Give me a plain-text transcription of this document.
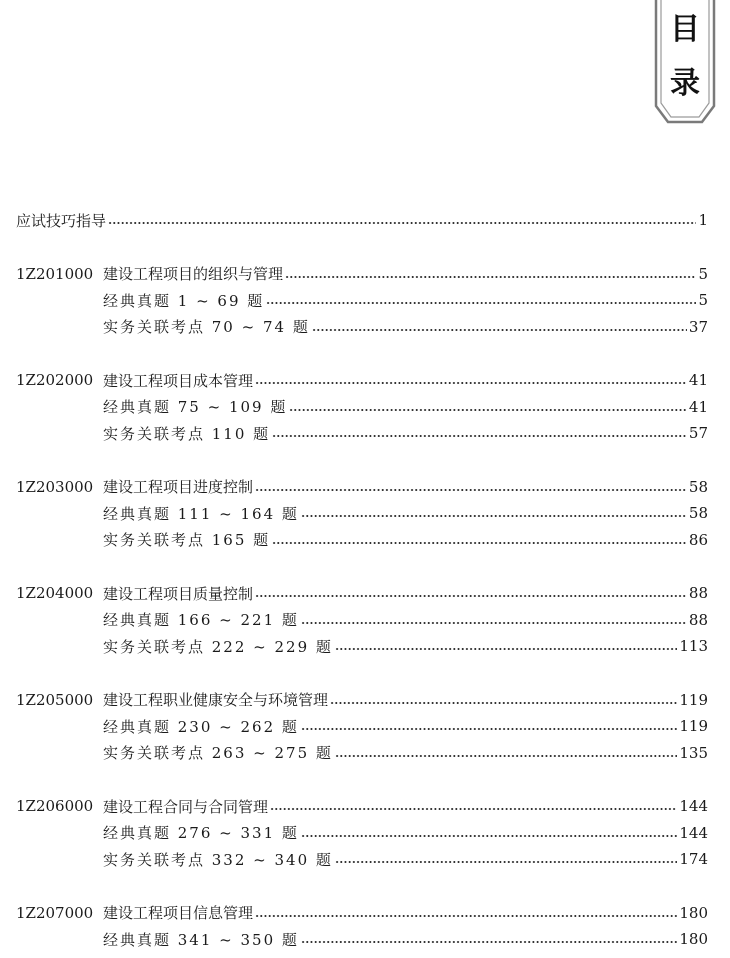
目
录
应试技巧指导	1
1Z201000 建设工程项目的组织与管理	5
经典真题 1 ~ 69 题	5
实务关联考点 70 ~ 74 题	37
1Z202000 建设工程项目成本管理	41
经典真题 75 ~ 109 题	41
实务关联考点 110 题	57
1Z203000 建设工程项目进度控制	58
经典真题 111 ~ 164 题	58
实务关联考点 165 题	86
1Z204000 建设工程项目质量控制	88
经典真题 166 ~ 221 题	88
实务关联考点 222 ~ 229 题	113
1Z205000 建设工程职业健康安全与环境管理	119
经典真题 230 ~ 262 题	119
实务关联考点 263 ~ 275 题	135
1Z206000 建设工程合同与合同管理	144
经典真题 276 ~ 331 题	144
实务关联考点 332 ~ 340 题	174
1Z207000 建设工程项目信息管理	180
经典真题 341 ~ 350 题	180
